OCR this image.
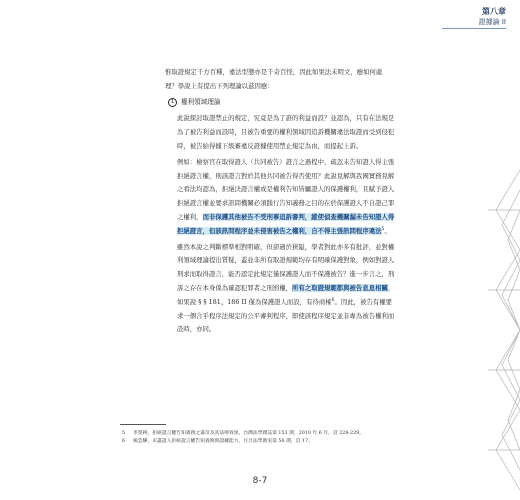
第八章
證據論 II

惟取證規定千方百種，違法型態亦是千奇百怪，因此如果法未明文，應如何處理？學說上有提出下列理論以茲因應：

1	權利領域理論

此說探討取證禁止的規定，究竟是為了誰的利益而設？並認為，只有在法規是為了被告利益而設時，且被告重要的權利領域因追訴機關違法取證而受到侵犯時，被告始得據下級審違反證據使用禁止規定為由，而提起上訴。

例如：檢察官在取得證人（共同被告）證言之過程中，疏忽未告知證人得主張拒絕證言權，則該證言對於其他共同被告得否使用？此說見解與我國實務見解之看法均認為，拒絕決證言權或是權利告知皆屬證人的保護權利，且賦予證人拒絕證言權並要求訊問機關必須践行告知義務之目的在於保護證人不自證己罪之權利，而非保護其他被告不受刑事追訴審判，縱使偵查機關漏未告知證人得拒絕證言，但該訊問程序並未侵害被告之權利，自不得主張訊問程序違法$^5$。

雖然本說之判斷標準相對明確，但卻過於狹隘，學者對此亦多有批評，並對權利領域理論提出質疑，蓋並非所有取證規範均存有明確保護對象，例如對證人刑求而取得證言，能否認定此規定僅保護證人而不保護被告？進一步言之，刑訴之存在本身係為確認犯罪者之刑罰權，所有之取證規範都與被告息息相關，如果說 § § 181、186 II 僅為保護證人而設，有待商榷$^6$。因此，被告有權要求一個合乎程序法規定的公平審判程序，即使該程序規定並非專為被告權利而設時，亦同。

5 李榮耕，拒絕證言權告知義務之違反及其法律效果，台灣法學雜誌第 153 期，2010 年 6 月，頁 228-229。
6 楊雲驊，未盡證人拒絕證言權告知義務與證據能力，月旦法學教室第 56 期，頁 17。
8-7
